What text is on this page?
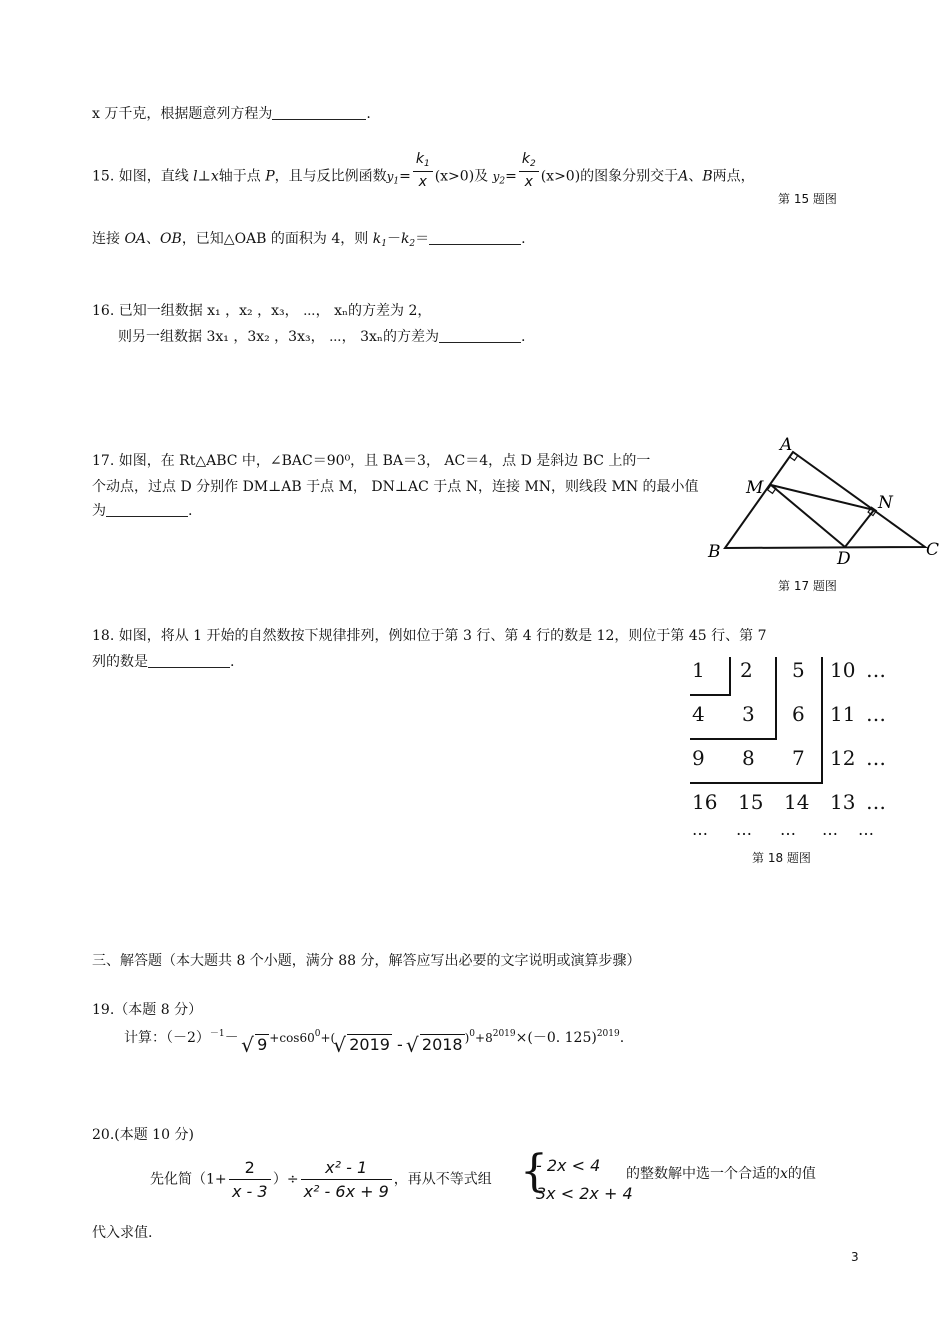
x 万千克，根据题意列方程为	.
15. 如图，直线 l⊥x轴于点 P，且与反比例函数$y_1= \frac{k_1}{x} (x>0)$及 $y_2= \frac{k_2}{x} (x>0)$的图象分别交于A、B两点，
第 15 题图
连接 OA、OB，已知△OAB 的面积为 4，则 $k_1-k_2=$	.
16. 已知一组数据 x₁ ，x₂ ，x₃， ⋯， xₙ的方差为 2，
则另一组数据 3x₁ ，3x₂ ，3x₃， ⋯， 3xₙ的方差为	.
17. 如图，在 Rt△ABC 中，∠BAC＝90⁰，且 BA＝3， AC＝4，点 D 是斜边 BC 上的一
个动点，过点 D 分别作 DM⊥AB 于点 M， DN⊥AC 于点 N，连接 MN，则线段 MN 的最小值
为	.
A
B	C
D
M
N
第 17 题图
18. 如图，将从 1 开始的自然数按下规律排列，例如位于第 3 行、第 4 行的数是 12，则位于第 45 行、第 7
列的数是	.	1 2 5 10 …
4 3 6 11 …
9 8 7 12 …
16 15 14 13 …
… … … … …
第 18 题图
三、解答题（本大题共 8 个小题，满分 88 分，解答应写出必要的文字说明或演算步骤）
19.（本题 8 分）
计算：$(-2)^{-1}-$ √ $9 +\cos 60^0+(√$ 2019 - √ 2018 )$^0+8^{2019}\times(-0$. 125)$^{2019}$.
20.(本题 10 分)
先化简（$1+ \frac{2}{x - 3}$ ）÷ $\frac{\text{x² - 1}}{\text{x² - 6x + 9}}$ ，再从不等式组 {
- 2x < 4
3x < 2x + 4
的整数解中选一个合适的x的值
代入求值.
3
